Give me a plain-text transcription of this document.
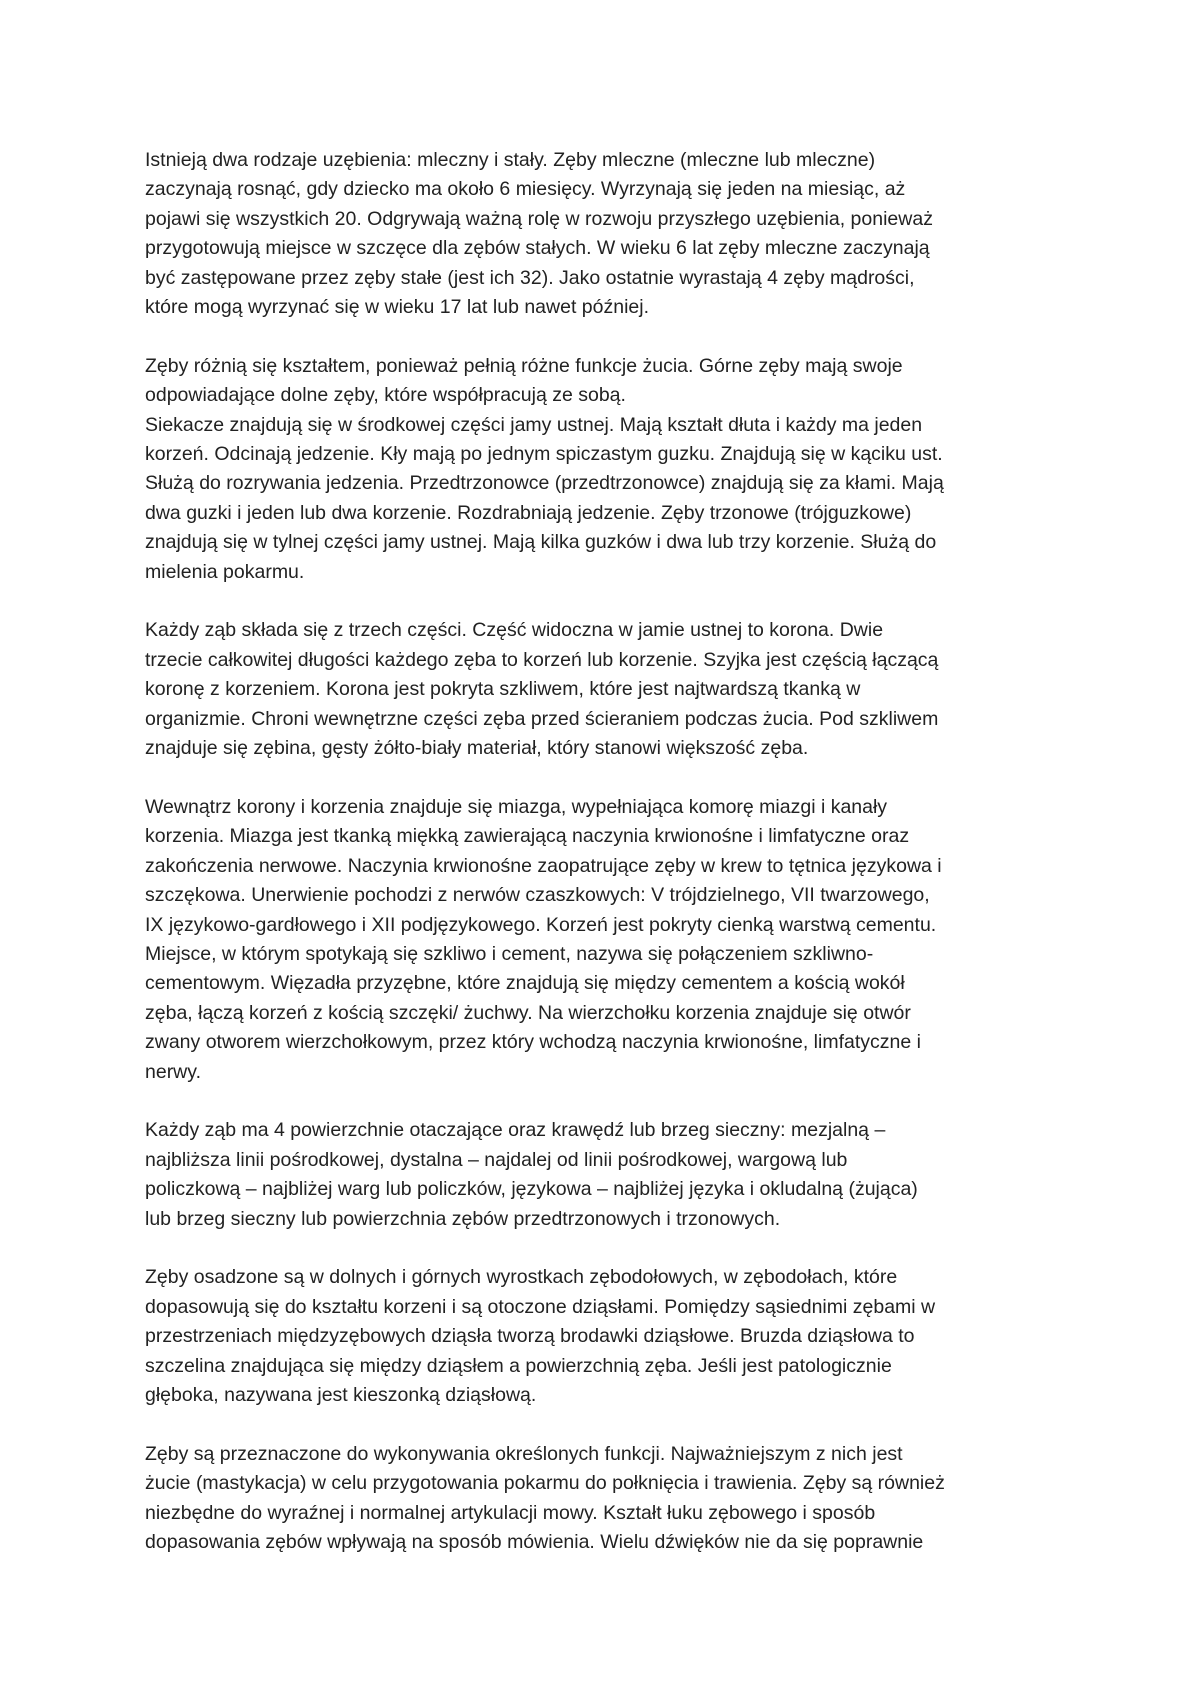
Istnieją dwa rodzaje uzębienia: mleczny i stały. Zęby mleczne (mleczne lub mleczne)
zaczynają rosnąć, gdy dziecko ma około 6 miesięcy. Wyrzynają się jeden na miesiąc, aż
pojawi się wszystkich 20. Odgrywają ważną rolę w rozwoju przyszłego uzębienia, ponieważ
przygotowują miejsce w szczęce dla zębów stałych. W wieku 6 lat zęby mleczne zaczynają
być zastępowane przez zęby stałe (jest ich 32). Jako ostatnie wyrastają 4 zęby mądrości,
które mogą wyrzynać się w wieku 17 lat lub nawet później.

Zęby różnią się kształtem, ponieważ pełnią różne funkcje żucia. Górne zęby mają swoje
odpowiadające dolne zęby, które współpracują ze sobą.
Siekacze znajdują się w środkowej części jamy ustnej. Mają kształt dłuta i każdy ma jeden
korzeń. Odcinają jedzenie. Kły mają po jednym spiczastym guzku. Znajdują się w kąciku ust.
Służą do rozrywania jedzenia. Przedtrzonowce (przedtrzonowce) znajdują się za kłami. Mają
dwa guzki i jeden lub dwa korzenie. Rozdrabniają jedzenie. Zęby trzonowe (trójguzkowe)
znajdują się w tylnej części jamy ustnej. Mają kilka guzków i dwa lub trzy korzenie. Służą do
mielenia pokarmu.

Każdy ząb składa się z trzech części. Część widoczna w jamie ustnej to korona. Dwie
trzecie całkowitej długości każdego zęba to korzeń lub korzenie. Szyjka jest częścią łączącą
koronę z korzeniem. Korona jest pokryta szkliwem, które jest najtwardszą tkanką w
organizmie. Chroni wewnętrzne części zęba przed ścieraniem podczas żucia. Pod szkliwem
znajduje się zębina, gęsty żółto-biały materiał, który stanowi większość zęba.

Wewnątrz korony i korzenia znajduje się miazga, wypełniająca komorę miazgi i kanały
korzenia. Miazga jest tkanką miękką zawierającą naczynia krwionośne i limfatyczne oraz
zakończenia nerwowe. Naczynia krwionośne zaopatrujące zęby w krew to tętnica językowa i
szczękowa. Unerwienie pochodzi z nerwów czaszkowych: V trójdzielnego, VII twarzowego,
IX językowo-gardłowego i XII podjęzykowego. Korzeń jest pokryty cienką warstwą cementu.
Miejsce, w którym spotykają się szkliwo i cement, nazywa się połączeniem szkliwno-
cementowym. Więzadła przyzębne, które znajdują się między cementem a kością wokół
zęba, łączą korzeń z kością szczęki/ żuchwy. Na wierzchołku korzenia znajduje się otwór
zwany otworem wierzchołkowym, przez który wchodzą naczynia krwionośne, limfatyczne i
nerwy.

Każdy ząb ma 4 powierzchnie otaczające oraz krawędź lub brzeg sieczny: mezjalną –
najbliższa linii pośrodkowej, dystalna – najdalej od linii pośrodkowej, wargową lub
policzkową – najbliżej warg lub policzków, językowa – najbliżej języka i okludalną (żująca)
lub brzeg sieczny lub powierzchnia zębów przedtrzonowych i trzonowych.

Zęby osadzone są w dolnych i górnych wyrostkach zębodołowych, w zębodołach, które
dopasowują się do kształtu korzeni i są otoczone dziąsłami. Pomiędzy sąsiednimi zębami w
przestrzeniach międzyzębowych dziąsła tworzą brodawki dziąsłowe. Bruzda dziąsłowa to
szczelina znajdująca się między dziąsłem a powierzchnią zęba. Jeśli jest patologicznie
głęboka, nazywana jest kieszonką dziąsłową.

Zęby są przeznaczone do wykonywania określonych funkcji. Najważniejszym z nich jest
żucie (mastykacja) w celu przygotowania pokarmu do połknięcia i trawienia. Zęby są również
niezbędne do wyraźnej i normalnej artykulacji mowy. Kształt łuku zębowego i sposób
dopasowania zębów wpływają na sposób mówienia. Wielu dźwięków nie da się poprawnie
